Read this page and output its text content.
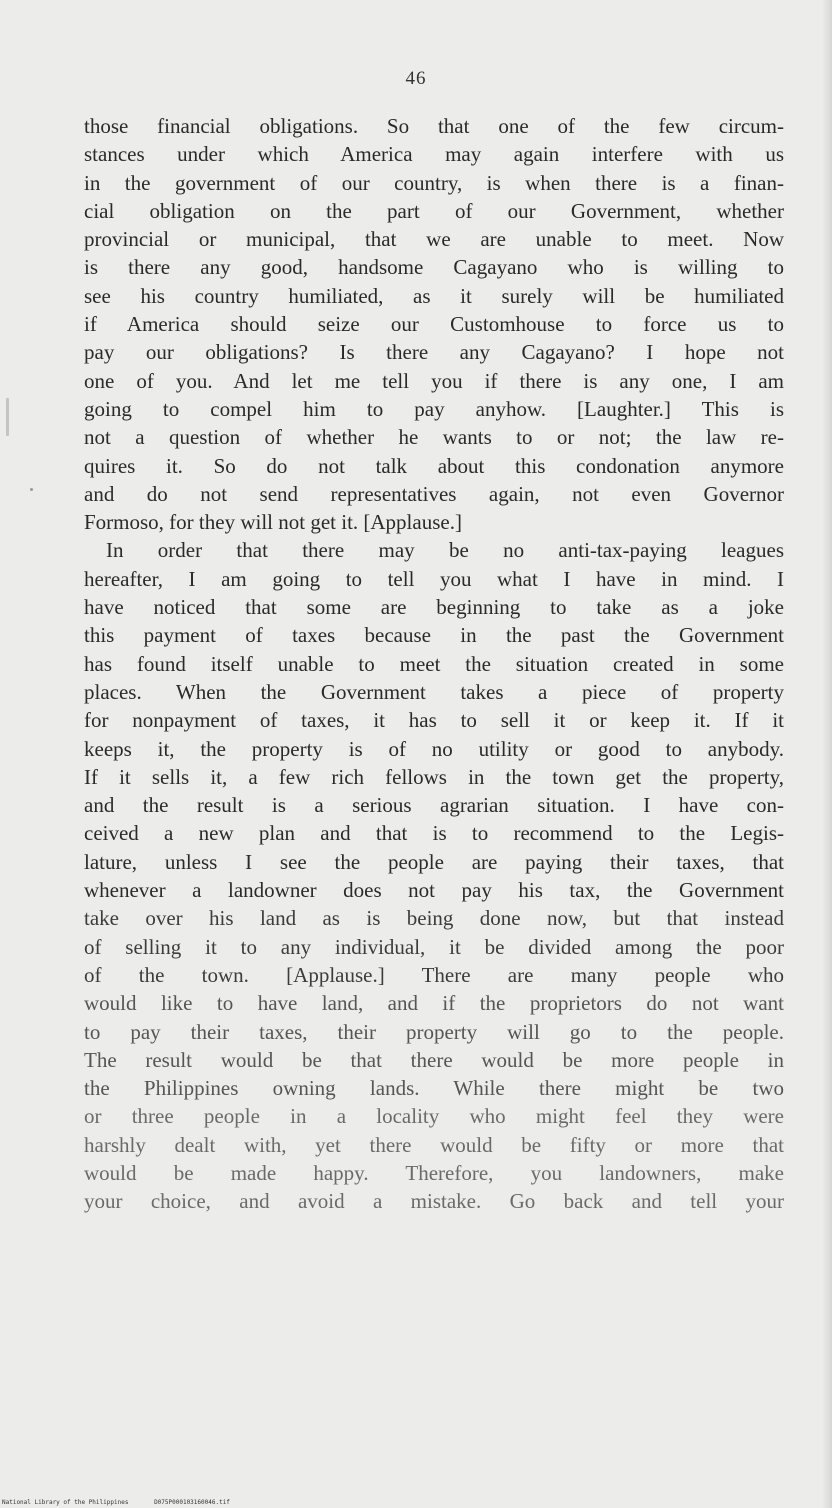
46
those financial obligations. So that one of the few circum-
stances under which America may again interfere with us
in the government of our country, is when there is a finan-
cial obligation on the part of our Government, whether
provincial or municipal, that we are unable to meet. Now
is there any good, handsome Cagayano who is willing to
see his country humiliated, as it surely will be humiliated
if America should seize our Customhouse to force us to
pay our obligations? Is there any Cagayano? I hope not
one of you. And let me tell you if there is any one, I am
going to compel him to pay anyhow. [Laughter.] This is
not a question of whether he wants to or not; the law re-
quires it. So do not talk about this condonation anymore
and do not send representatives again, not even Governor
Formoso, for they will not get it. [Applause.]
In order that there may be no anti-tax-paying leagues
hereafter, I am going to tell you what I have in mind. I
have noticed that some are beginning to take as a joke
this payment of taxes because in the past the Government
has found itself unable to meet the situation created in some
places. When the Government takes a piece of property
for nonpayment of taxes, it has to sell it or keep it. If it
keeps it, the property is of no utility or good to anybody.
If it sells it, a few rich fellows in the town get the property,
and the result is a serious agrarian situation. I have con-
ceived a new plan and that is to recommend to the Legis-
lature, unless I see the people are paying their taxes, that
whenever a landowner does not pay his tax, the Government
take over his land as is being done now, but that instead
of selling it to any individual, it be divided among the poor
of the town. [Applause.] There are many people who
would like to have land, and if the proprietors do not want
to pay their taxes, their property will go to the people.
The result would be that there would be more people in
the Philippines owning lands. While there might be two
or three people in a locality who might feel they were
harshly dealt with, yet there would be fifty or more that
would be made happy. Therefore, you landowners, make
your choice, and avoid a mistake. Go back and tell your
National Library of the Philippines	D075P000103160046.tif
